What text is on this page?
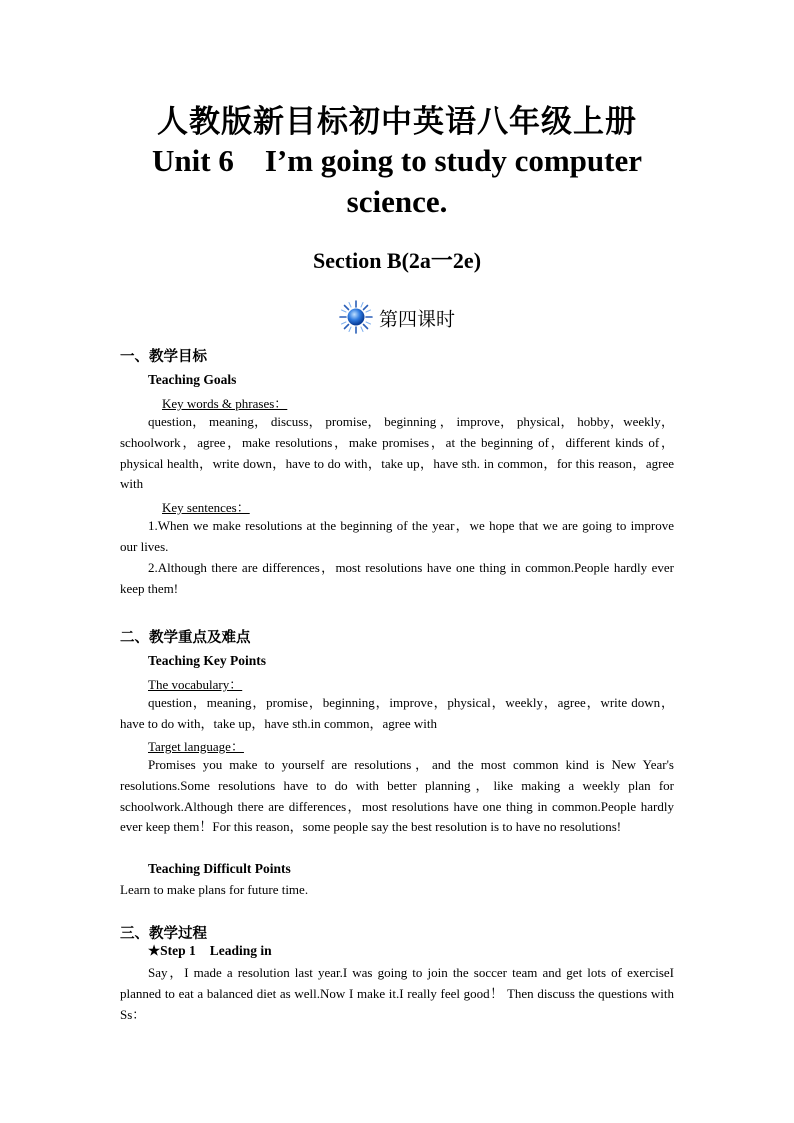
人教版新目标初中英语八年级上册
Unit 6　I’m going to study computer science.
Section B(2a一2e)
第四课时
一、教学目标
Teaching Goals
Key words & phrases：
question， meaning， discuss， promise， beginning ， improve， physical， hobby，weekly，schoolwork，agree，make resolutions，make promises，at the beginning of，different kinds of，physical health，write down，have to do with，take up，have sth. in common，for this reason，agree with
Key sentences：
1.When we make resolutions at the beginning of the year，we hope that we are going to improve our lives.
2.Although there are differences，most resolutions have one thing in common.People hardly ever keep them!
二、教学重点及难点
Teaching Key Points
The vocabulary：
question，meaning，promise，beginning，improve，physical，weekly，agree，write down，have to do with，take up，have sth.in common，agree with
Target language：
Promises you make to yourself are resolutions，and the most common kind is New Year's resolutions.Some resolutions have to do with better planning，like making a weekly plan for schoolwork.Although there are differences，most resolutions have one thing in common.People hardly ever keep them！For this reason，some people say the best resolution is to have no resolutions!
Teaching Difficult Points
Learn to make plans for future time.
三、教学过程
★Step 1 Leading in
Say，I made a resolution last year.I was going to join the soccer team and get lots of exerciseI planned to eat a balanced diet as well.Now I make it.I really feel good！ Then discuss the questions with Ss：
